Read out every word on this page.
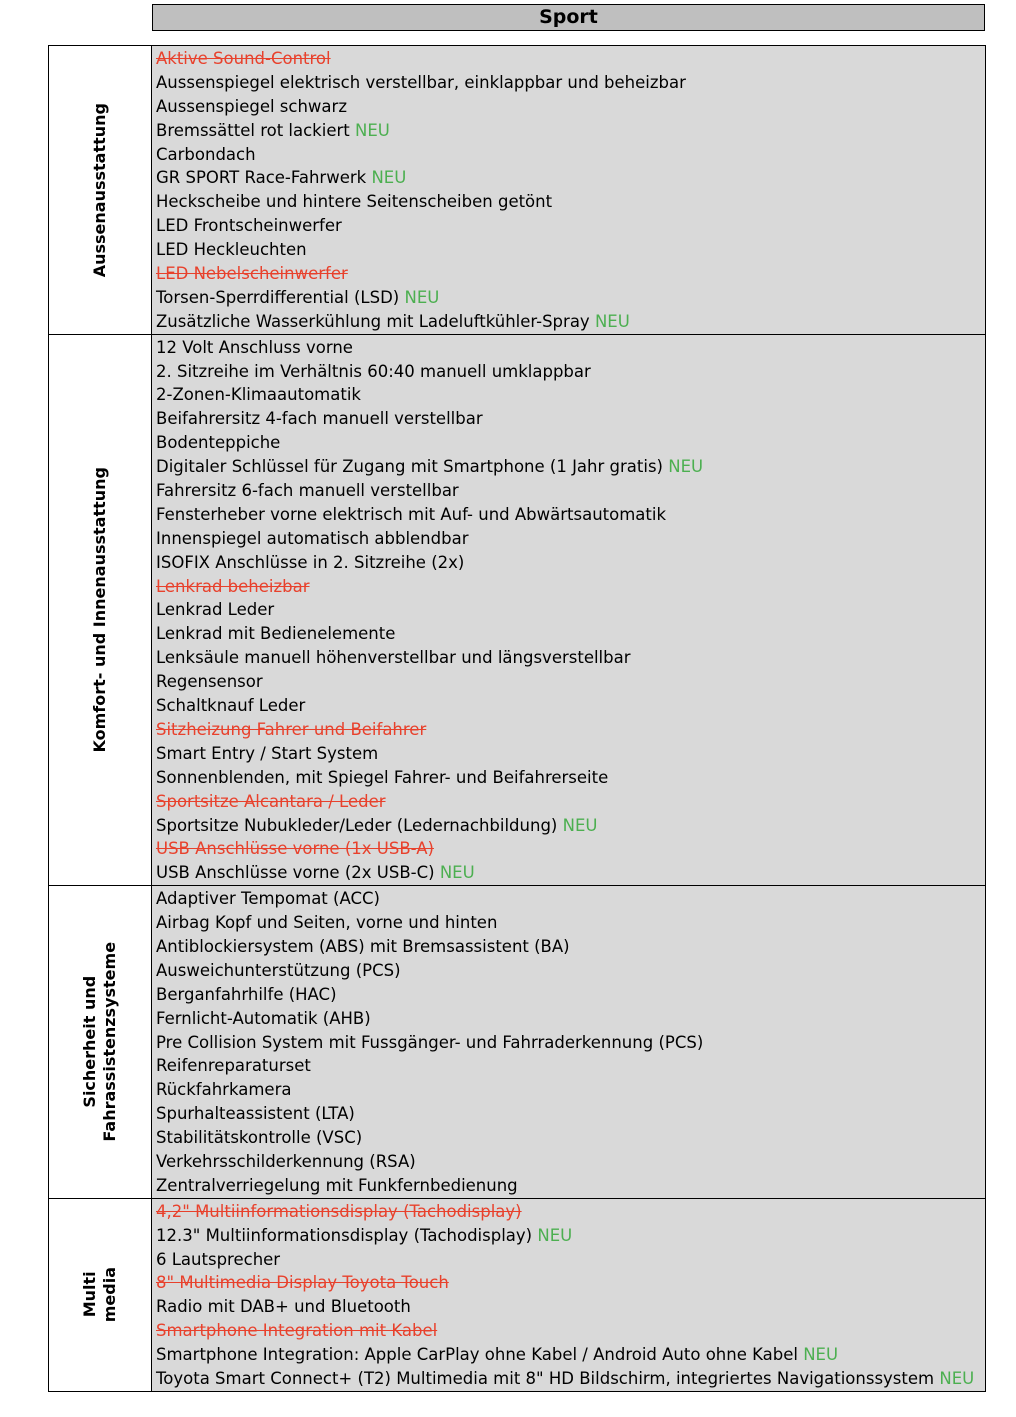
Sport
Aussenausstattung
Aktive Sound-Control
Aussenspiegel elektrisch verstellbar, einklappbar und beheizbar
Aussenspiegel schwarz
Bremssättel rot lackiert NEU
Carbondach
GR SPORT Race-Fahrwerk NEU
Heckscheibe und hintere Seitenscheiben getönt
LED Frontscheinwerfer
LED Heckleuchten
LED Nebelscheinwerfer
Torsen-Sperrdifferential (LSD) NEU
Zusätzliche Wasserkühlung mit Ladeluftkühler-Spray NEU
Komfort- und Innenausstattung
12 Volt Anschluss vorne
2. Sitzreihe im Verhältnis 60:40 manuell umklappbar
2-Zonen-Klimaautomatik
Beifahrersitz 4-fach manuell verstellbar
Bodenteppiche
Digitaler Schlüssel für Zugang mit Smartphone (1 Jahr gratis) NEU
Fahrersitz 6-fach manuell verstellbar
Fensterheber vorne elektrisch mit Auf- und Abwärtsautomatik
Innenspiegel automatisch abblendbar
ISOFIX Anschlüsse in 2. Sitzreihe (2x)
Lenkrad beheizbar
Lenkrad Leder
Lenkrad mit Bedienelemente
Lenksäule manuell höhenverstellbar und längsverstellbar
Regensensor
Schaltknauf Leder
Sitzheizung Fahrer und Beifahrer
Smart Entry / Start System
Sonnenblenden, mit Spiegel Fahrer- und Beifahrerseite
Sportsitze Alcantara / Leder
Sportsitze Nubukleder/Leder (Ledernachbildung) NEU
USB Anschlüsse vorne (1x USB-A)
USB Anschlüsse vorne (2x USB-C) NEU
Sicherheit und Fahrassistenzsysteme
Adaptiver Tempomat (ACC)
Airbag Kopf und Seiten, vorne und hinten
Antiblockiersystem (ABS) mit Bremsassistent (BA)
Ausweichunterstützung (PCS)
Berganfahrhilfe (HAC)
Fernlicht-Automatik (AHB)
Pre Collision System mit Fussgänger- und Fahrraderkennung (PCS)
Reifenreparaturset
Rückfahrkamera
Spurhalteassistent (LTA)
Stabilitätskontrolle (VSC)
Verkehrsschilderkennung (RSA)
Zentralverriegelung mit Funkfernbedienung
Multi
media
4,2" Multiinformationsdisplay (Tachodisplay)
12.3" Multiinformationsdisplay (Tachodisplay) NEU
6 Lautsprecher
8" Multimedia Display Toyota Touch
Radio mit DAB+ und Bluetooth
Smartphone Integration mit Kabel
Smartphone Integration: Apple CarPlay ohne Kabel / Android Auto ohne Kabel NEU
Toyota Smart Connect+ (T2) Multimedia mit 8" HD Bildschirm, integriertes Navigationssystem NEU
